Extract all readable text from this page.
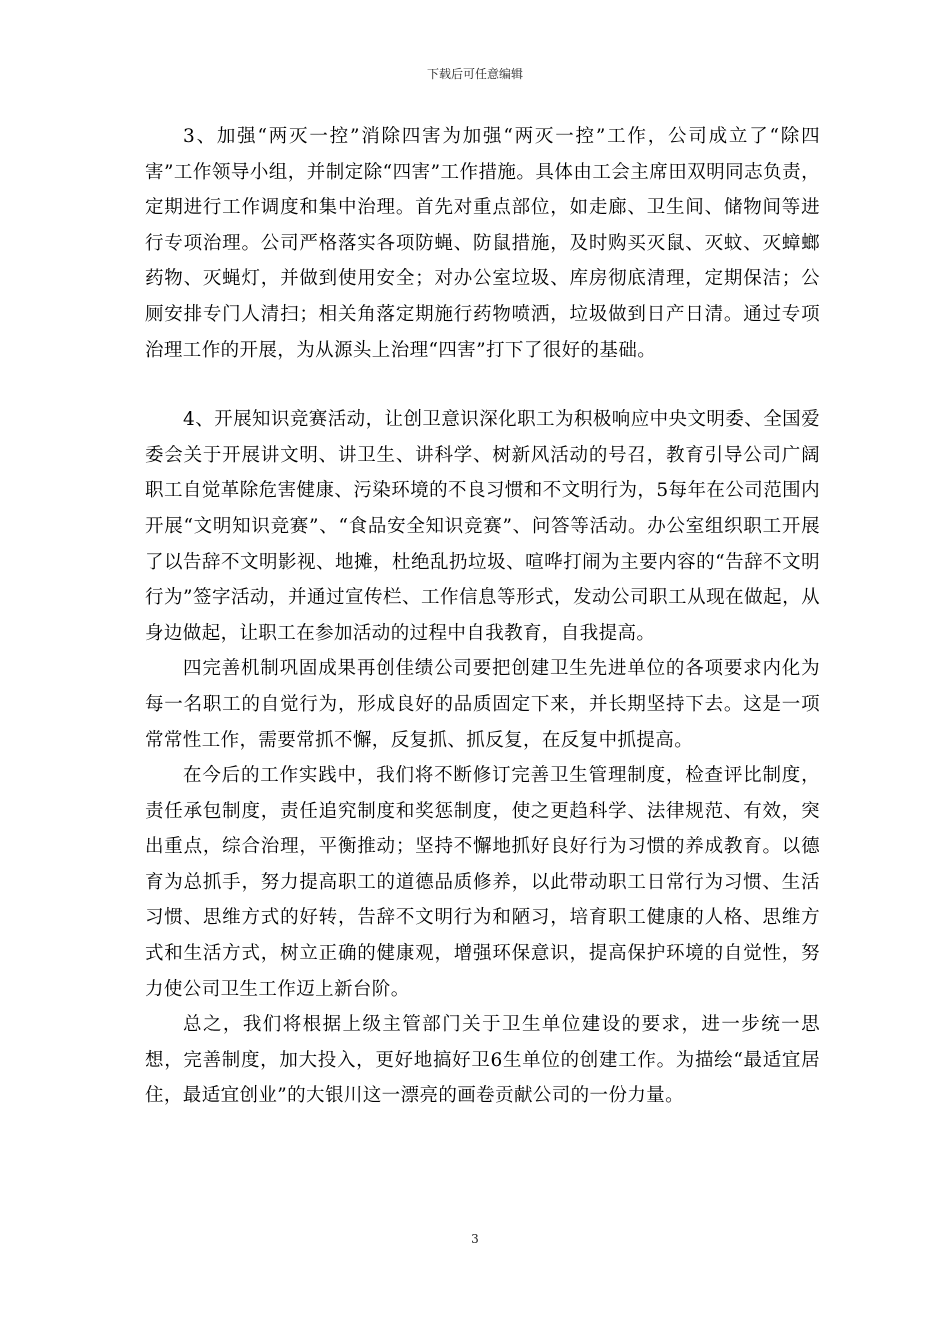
下载后可任意编辑

3、加强“两灭一控”消除四害为加强“两灭一控”工作，公司成立了“除四害”工作领导小组，并制定除“四害”工作措施。具体由工会主席田双明同志负责，定期进行工作调度和集中治理。首先对重点部位，如走廊、卫生间、储物间等进行专项治理。公司严格落实各项防蝇、防鼠措施，及时购买灭鼠、灭蚊、灭蟑螂药物、灭蝇灯，并做到使用安全；对办公室垃圾、库房彻底清理，定期保洁；公厕安排专门人清扫；相关角落定期施行药物喷洒，垃圾做到日产日清。通过专项治理工作的开展，为从源头上治理“四害”打下了很好的基础。

4、开展知识竞赛活动，让创卫意识深化职工为积极响应中央文明委、全国爱委会关于开展讲文明、讲卫生、讲科学、树新风活动的号召，教育引导公司广阔职工自觉革除危害健康、污染环境的不良习惯和不文明行为，5每年在公司范围内开展“文明知识竞赛”、“食品安全知识竞赛”、问答等活动。办公室组织职工开展了以告辞不文明影视、地摊，杜绝乱扔垃圾、喧哗打闹为主要内容的“告辞不文明行为”签字活动，并通过宣传栏、工作信息等形式，发动公司职工从现在做起，从身边做起，让职工在参加活动的过程中自我教育，自我提高。

四完善机制巩固成果再创佳绩公司要把创建卫生先进单位的各项要求内化为每一名职工的自觉行为，形成良好的品质固定下来，并长期坚持下去。这是一项常常性工作，需要常抓不懈，反复抓、抓反复，在反复中抓提高。

在今后的工作实践中，我们将不断修订完善卫生管理制度，检查评比制度，责任承包制度，责任追究制度和奖惩制度，使之更趋科学、法律规范、有效，突出重点，综合治理，平衡推动；坚持不懈地抓好良好行为习惯的养成教育。以德育为总抓手，努力提高职工的道德品质修养，以此带动职工日常行为习惯、生活习惯、思维方式的好转，告辞不文明行为和陋习，培育职工健康的人格、思维方式和生活方式，树立正确的健康观，增强环保意识，提高保护环境的自觉性，努力使公司卫生工作迈上新台阶。

总之，我们将根据上级主管部门关于卫生单位建设的要求，进一步统一思想，完善制度，加大投入，更好地搞好卫6生单位的创建工作。为描绘“最适宜居住，最适宜创业”的大银川这一漂亮的画卷贡献公司的一份力量。

3
